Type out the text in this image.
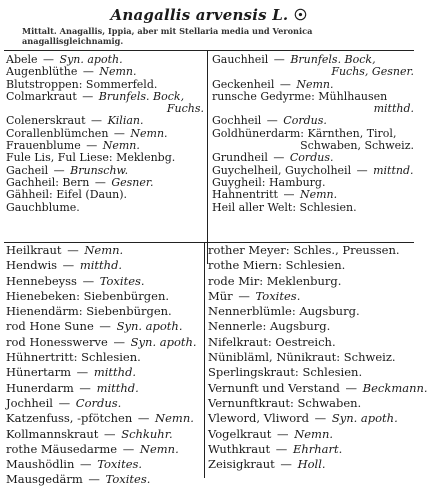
Anagallis arvensis L. ☉
Mittalt. Anagallis, Ippia, aber mit Stellaria media und Veronica anagallisgleichnamig.
Abele — Syn. apoth.
Augenblüthe — Nemn.
Blutstroppen: Sommerfeld.
Colmarkraut — Brunfels. Bock,
Fuchs.
Colenerskraut — Kilian.
Corallenblümchen — Nemn.
Frauenblume — Nemn.
Fule Lis, Ful Liese: Meklenbg.
Gacheil — Brunschw.
Gachheil: Bern — Gesner.
Gähheil: Eifel (Daun).
Gauchblume.
Gauchheil — Brunfels. Bock,
Fuchs, Gesner.
Geckenheil — Nemn.
runsche Gedyrme: Mühlhausen
mitthd.
Gochheil — Cordus.
Goldhünerdarm: Kärnthen, Tirol,
Schwaben, Schweiz.
Grundheil — Cordus.
Guychelheil, Guycholheil — mittnd.
Guygheil: Hamburg.
Hahnentritt — Nemn.
Heil aller Welt: Schlesien.
Heilkraut — Nemn.
Hendwis — mitthd.
Hennebeyss — Toxites.
Hienebeken: Siebenbürgen.
Hienendärm: Siebenbürgen.
rod Hone Sune — Syn. apoth.
rod Honesswerve — Syn. apoth.
Hühnertritt: Schlesien.
Hünertarm — mitthd.
Hunerdarm — mitthd.
Jochheil — Cordus.
Katzenfuss, -pfötchen — Nemn.
Kollmannskraut — Schkuhr.
rothe Mäusedarme — Nemn.
Maushödlin — Toxites.
Mausgedärm — Toxites.
rother Meyer: Schles., Preussen.
rothe Miern: Schlesien.
rode Mir: Meklenburg.
Mür — Toxites.
Nennerblümle: Augsburg.
Nennerle: Augsburg.
Nifelkraut: Oestreich.
Nünibläml, Nünikraut: Schweiz.
Sperlingskraut: Schlesien.
Vernunft und Verstand — Beckmann.
Vernunftkraut: Schwaben.
Vleword, Vliword — Syn. apoth.
Vogelkraut — Nemn.
Wuthkraut — Ehrhart.
Zeisigkraut — Holl.
